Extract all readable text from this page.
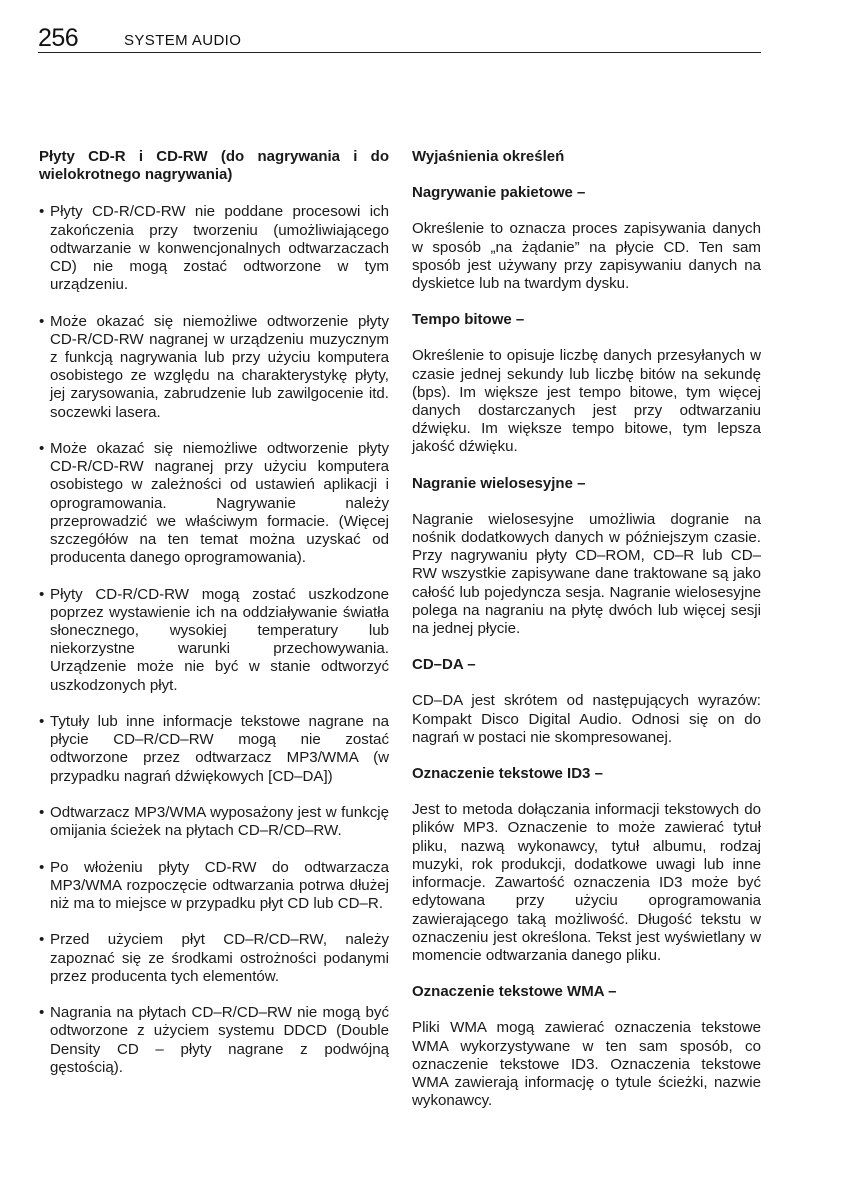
256	SYSTEM AUDIO
Płyty CD-R i CD-RW (do nagrywania i do wielokrotnego nagrywania)
• Płyty CD-R/CD-RW nie poddane procesowi ich zakończenia przy tworzeniu (umożliwiającego odtwarzanie w konwencjonalnych odtwarzaczach CD) nie mogą zostać odtworzone w tym urządzeniu.
• Może okazać się niemożliwe odtworzenie płyty CD-R/CD-RW nagranej w urządzeniu muzycznym z funkcją nagrywania lub przy użyciu komputera osobistego ze względu na charakterystykę płyty, jej zarysowania, zabrudzenie lub zawilgocenie itd. soczewki lasera.
• Może okazać się niemożliwe odtworzenie płyty CD-R/CD-RW nagranej przy użyciu komputera osobistego w zależności od ustawień aplikacji i oprogramowania. Nagrywanie należy przeprowadzić we właściwym formacie. (Więcej szczegółów na ten temat można uzyskać od producenta danego oprogramowania).
• Płyty CD-R/CD-RW mogą zostać uszkodzone poprzez wystawienie ich na oddziaływanie światła słonecznego, wysokiej temperatury lub niekorzystne warunki przechowywania. Urządzenie może nie być w stanie odtworzyć uszkodzonych płyt.
• Tytuły lub inne informacje tekstowe nagrane na płycie CD–R/CD–RW mogą nie zostać odtworzone przez odtwarzacz MP3/WMA (w przypadku nagrań dźwiękowych [CD–DA])
• Odtwarzacz MP3/WMA wyposażony jest w funkcję omijania ścieżek na płytach CD–R/CD–RW.
• Po włożeniu płyty CD-RW do odtwarzacza MP3/WMA rozpoczęcie odtwarzania potrwa dłużej niż ma to miejsce w przypadku płyt CD lub CD–R.
• Przed użyciem płyt CD–R/CD–RW, należy zapoznać się ze środkami ostrożności podanymi przez producenta tych elementów.
• Nagrania na płytach CD–R/CD–RW nie mogą być odtworzone z użyciem systemu DDCD (Double Density CD – płyty nagrane z podwójną gęstością).
Wyjaśnienia określeń
Nagrywanie pakietowe –

Określenie to oznacza proces zapisywania danych w sposób „na żądanie” na płycie CD. Ten sam sposób jest używany przy zapisywaniu danych na dyskietce lub na twardym dysku.

Tempo bitowe –

Określenie to opisuje liczbę danych przesyłanych w czasie jednej sekundy lub liczbę bitów na sekundę (bps). Im większe jest tempo bitowe, tym więcej danych dostarczanych jest przy odtwarzaniu dźwięku. Im większe tempo bitowe, tym lepsza jakość dźwięku.

Nagranie wielosesyjne –

Nagranie wielosesyjne umożliwia dogranie na nośnik dodatkowych danych w późniejszym czasie. Przy nagrywaniu płyty CD–ROM, CD–R lub CD–RW wszystkie zapisywane dane traktowane są jako całość lub pojedyncza sesja. Nagranie wielosesyjne polega na nagraniu na płytę dwóch lub więcej sesji na jednej płycie.

CD–DA –

CD–DA jest skrótem od następujących wyrazów: Kompakt Disco Digital Audio. Odnosi się on do nagrań w postaci nie skompresowanej.

Oznaczenie tekstowe ID3 –

Jest to metoda dołączania informacji tekstowych do plików MP3. Oznaczenie to może zawierać tytuł pliku, nazwą wykonawcy, tytuł albumu, rodzaj muzyki, rok produkcji, dodatkowe uwagi lub inne informacje. Zawartość oznaczenia ID3 może być edytowana przy użyciu oprogramowania zawierającego taką możliwość. Długość tekstu w oznaczeniu jest określona. Tekst jest wyświetlany w momencie odtwarzania danego pliku.

Oznaczenie tekstowe WMA –

Pliki WMA mogą zawierać oznaczenia tekstowe WMA wykorzystywane w ten sam sposób, co oznaczenie tekstowe ID3. Oznaczenia tekstowe WMA zawierają informację o tytule ścieżki, nazwie wykonawcy.
